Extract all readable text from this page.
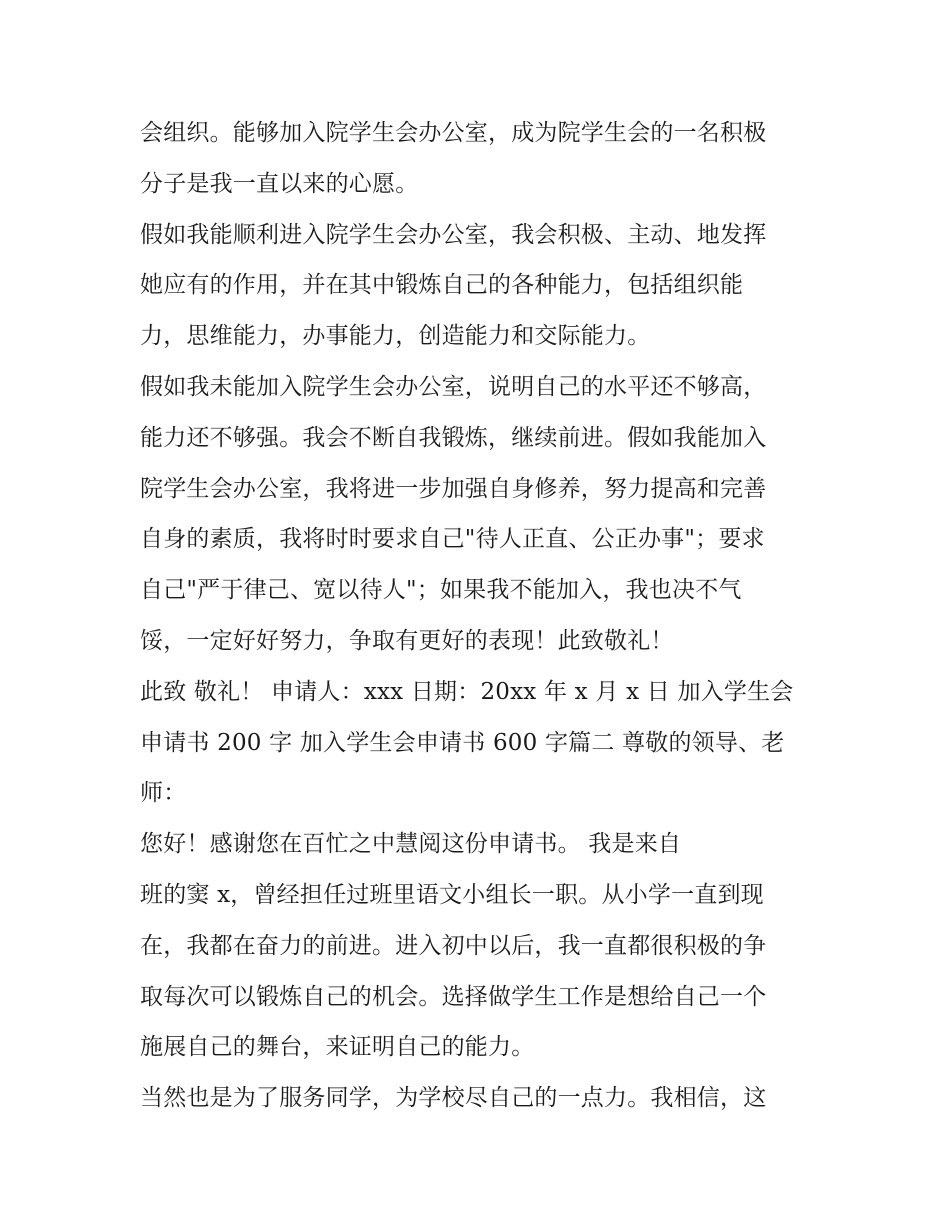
会组织。能够加入院学生会办公室，成为院学生会的一名积极
分子是我一直以来的心愿。
假如我能顺利进入院学生会办公室，我会积极、主动、地发挥
她应有的作用，并在其中锻炼自己的各种能力，包括组织能
力，思维能力，办事能力，创造能力和交际能力。
假如我未能加入院学生会办公室，说明自己的水平还不够高，
能力还不够强。我会不断自我锻炼，继续前进。假如我能加入
院学生会办公室，我将进一步加强自身修养，努力提高和完善
自身的素质，我将时时要求自己"待人正直、公正办事"；要求
自己"严于律己、宽以待人"；如果我不能加入，我也决不气
馁，一定好好努力，争取有更好的表现！此致敬礼！
此致 敬礼！ 申请人：xxx 日期：20xx 年 x 月 x 日 加入学生会
申请书 200 字 加入学生会申请书 600 字篇二 尊敬的领导、老
师：
您好！感谢您在百忙之中慧阅这份申请书。 我是来自
班的窦 x，曾经担任过班里语文小组长一职。从小学一直到现
在，我都在奋力的前进。进入初中以后，我一直都很积极的争
取每次可以锻炼自己的机会。选择做学生工作是想给自己一个
施展自己的舞台，来证明自己的能力。
当然也是为了服务同学，为学校尽自己的一点力。我相信，这
